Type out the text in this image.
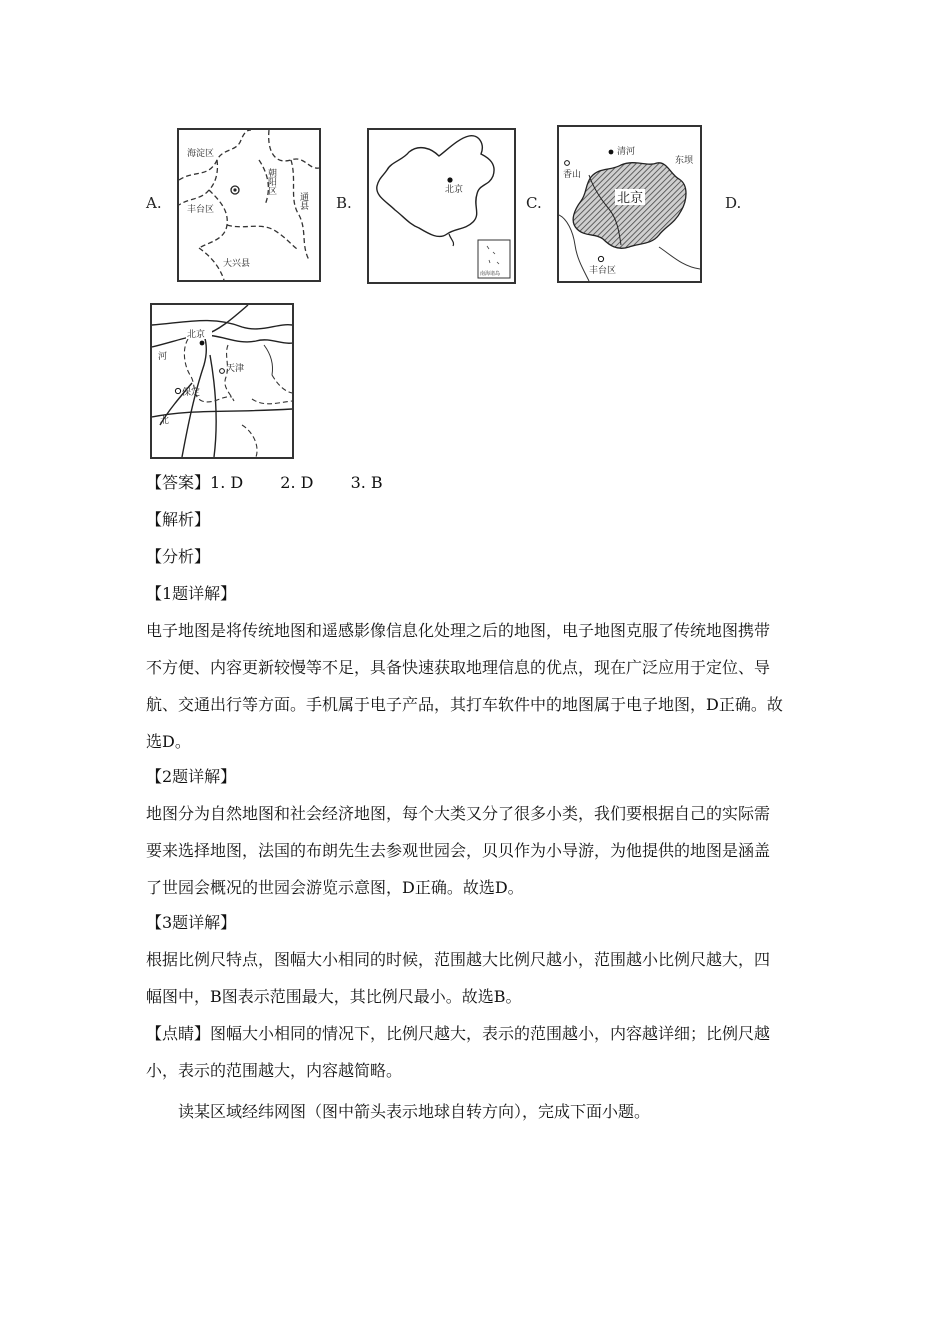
A.
海淀区
朝阳区
丰台区	通县
大兴县
B.
北京
南海诸岛
C.
清河
东坝
香山
北京
丰台区
D.
北京
河
天津
保定
北
【答案】1. D 2. D 3. B

【解析】

【分析】

【1题详解】

电子地图是将传统地图和遥感影像信息化处理之后的地图，电子地图克服了传统地图携带

不方便、内容更新较慢等不足，具备快速获取地理信息的优点，现在广泛应用于定位、导

航、交通出行等方面。手机属于电子产品，其打车软件中的地图属于电子地图，D正确。故

选D。

【2题详解】

地图分为自然地图和社会经济地图，每个大类又分了很多小类，我们要根据自己的实际需

要来选择地图，法国的布朗先生去参观世园会，贝贝作为小导游，为他提供的地图是涵盖

了世园会概况的世园会游览示意图，D正确。故选D。

【3题详解】

根据比例尺特点，图幅大小相同的时候，范围越大比例尺越小，范围越小比例尺越大，四

幅图中，B图表示范围最大，其比例尺最小。故选B。

【点睛】图幅大小相同的情况下，比例尺越大，表示的范围越小，内容越详细；比例尺越

小，表示的范围越大，内容越简略。

读某区域经纬网图（图中箭头表示地球自转方向），完成下面小题。
